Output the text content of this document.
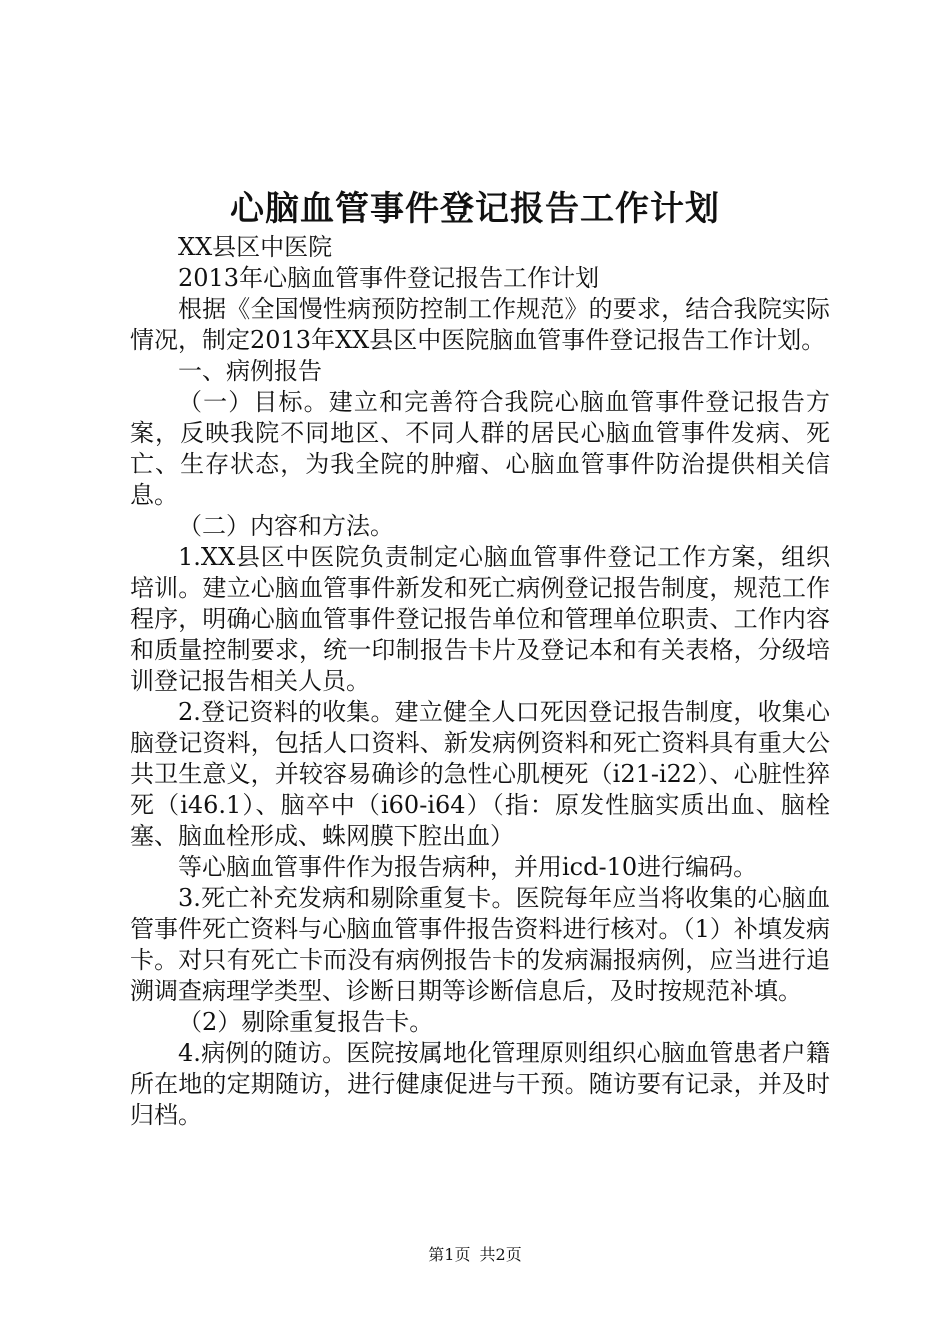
心脑血管事件登记报告工作计划

XX县区中医院

2013年心脑血管事件登记报告工作计划

根据《全国慢性病预防控制工作规范》的要求，结合我院实际情况，制定2013年XX县区中医院脑血管事件登记报告工作计划。

一、病例报告

（一）目标。建立和完善符合我院心脑血管事件登记报告方案，反映我院不同地区、不同人群的居民心脑血管事件发病、死亡、生存状态，为我全院的肿瘤、心脑血管事件防治提供相关信息。

（二）内容和方法。

1.XX县区中医院负责制定心脑血管事件登记工作方案，组织培训。建立心脑血管事件新发和死亡病例登记报告制度，规范工作程序，明确心脑血管事件登记报告单位和管理单位职责、工作内容和质量控制要求，统一印制报告卡片及登记本和有关表格，分级培训登记报告相关人员。

2.登记资料的收集。建立健全人口死因登记报告制度，收集心脑登记资料，包括人口资料、新发病例资料和死亡资料具有重大公共卫生意义，并较容易确诊的急性心肌梗死（i21-i22）、心脏性猝死（i46.1）、脑卒中（i60-i64）（指：原发性脑实质出血、脑栓塞、脑血栓形成、蛛网膜下腔出血）

等心脑血管事件作为报告病种，并用icd-10进行编码。

3.死亡补充发病和剔除重复卡。医院每年应当将收集的心脑血管事件死亡资料与心脑血管事件报告资料进行核对。（1）补填发病卡。对只有死亡卡而没有病例报告卡的发病漏报病例，应当进行追溯调查病理学类型、诊断日期等诊断信息后，及时按规范补填。

（2）剔除重复报告卡。

4.病例的随访。医院按属地化管理原则组织心脑血管患者户籍所在地的定期随访，进行健康促进与干预。随访要有记录，并及时归档。

第1页 共2页
